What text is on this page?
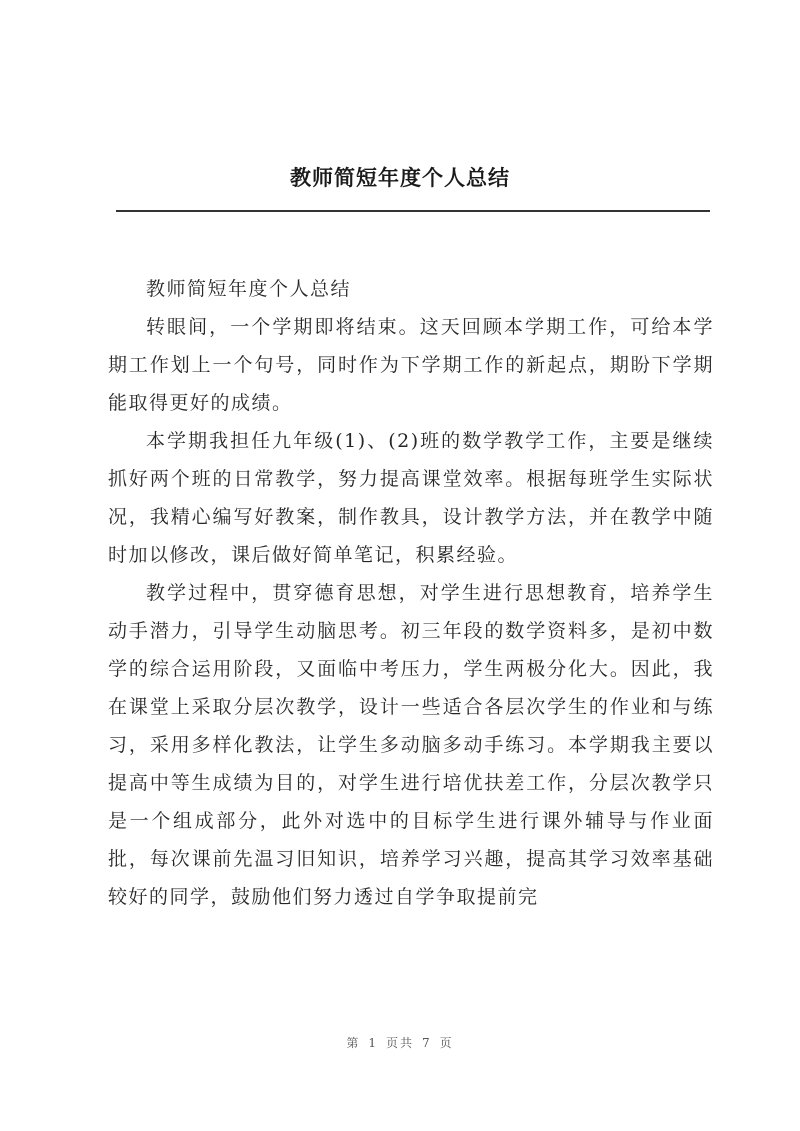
教师简短年度个人总结

教师简短年度个人总结

转眼间，一个学期即将结束。这天回顾本学期工作，可给本学期工作划上一个句号，同时作为下学期工作的新起点，期盼下学期能取得更好的成绩。

本学期我担任九年级(1)、(2)班的数学教学工作，主要是继续抓好两个班的日常教学，努力提高课堂效率。根据每班学生实际状况，我精心编写好教案，制作教具，设计教学方法，并在教学中随时加以修改，课后做好简单笔记，积累经验。

教学过程中，贯穿德育思想，对学生进行思想教育，培养学生动手潜力，引导学生动脑思考。初三年段的数学资料多，是初中数学的综合运用阶段，又面临中考压力，学生两极分化大。因此，我在课堂上采取分层次教学，设计一些适合各层次学生的作业和与练习，采用多样化教法，让学生多动脑多动手练习。本学期我主要以提高中等生成绩为目的，对学生进行培优扶差工作，分层次教学只是一个组成部分，此外对选中的目标学生进行课外辅导与作业面批，每次课前先温习旧知识，培养学习兴趣，提高其学习效率基础较好的同学，鼓励他们努力透过自学争取提前完

第 1 页共 7 页
